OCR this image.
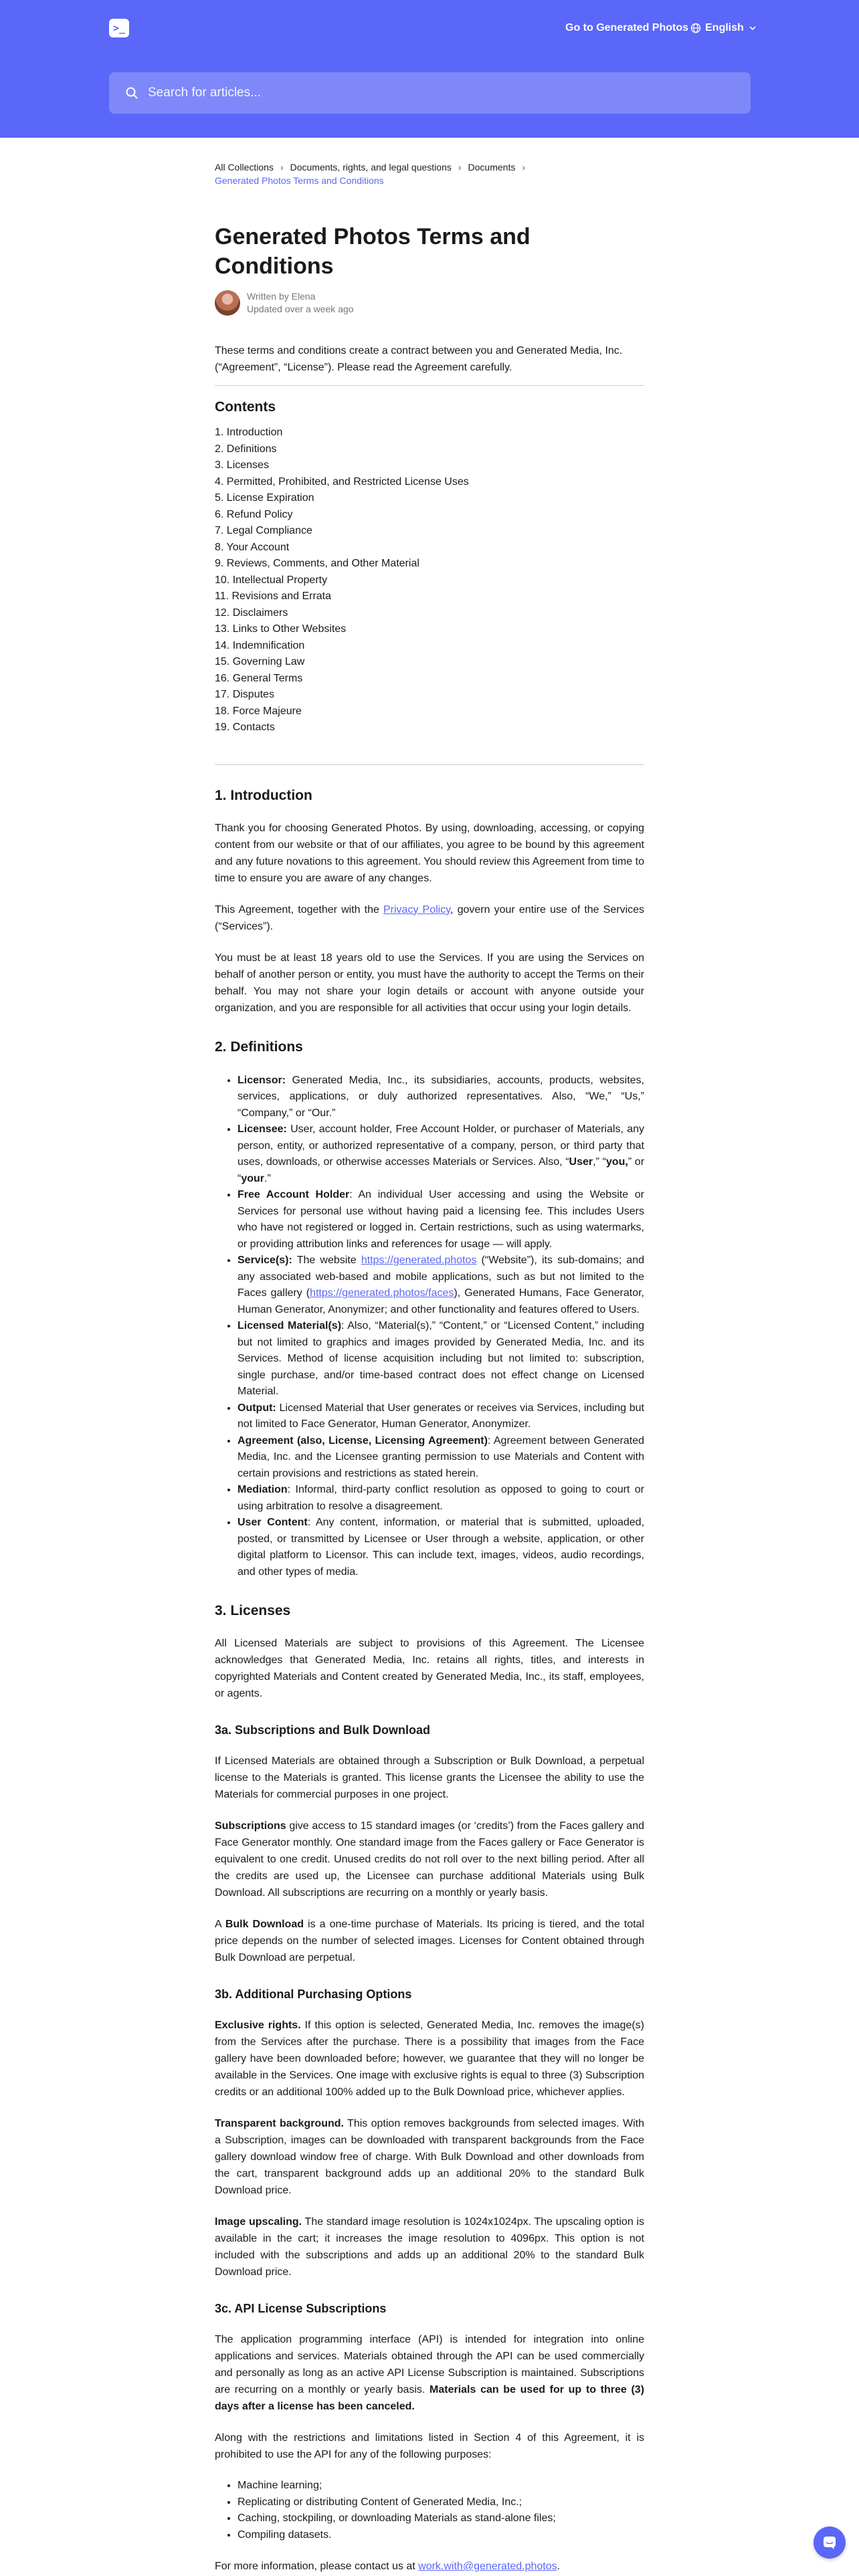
>_	Go to Generated Photos English
Search for articles...
All Collections › Documents, rights, and legal questions › Documents ›
Generated Photos Terms and Conditions
Generated Photos Terms and Conditions
Written by Elena
Updated over a week ago

These terms and conditions create a contract between you and Generated Media, Inc. (“Agreement”, “License”). Please read the Agreement carefully.

Contents
1. Introduction
2. Definitions
3. Licenses
4. Permitted, Prohibited, and Restricted License Uses
5. License Expiration
6. Refund Policy
7. Legal Compliance
8. Your Account
9. Reviews, Comments, and Other Material
10. Intellectual Property
11. Revisions and Errata
12. Disclaimers
13. Links to Other Websites
14. Indemnification
15. Governing Law
16. General Terms
17. Disputes
18. Force Majeure
19. Contacts
1. Introduction

Thank you for choosing Generated Photos. By using, downloading, accessing, or copying content from our website or that of our affiliates, you agree to be bound by this agreement and any future novations to this agreement. You should review this Agreement from time to time to ensure you are aware of any changes.

This Agreement, together with the Privacy Policy, govern your entire use of the Services (“Services”).

You must be at least 18 years old to use the Services. If you are using the Services on behalf of another person or entity, you must have the authority to accept the Terms on their behalf. You may not share your login details or account with anyone outside your organization, and you are responsible for all activities that occur using your login details.

2. Definitions
• Licensor: Generated Media, Inc., its subsidiaries, accounts, products, websites, services, applications, or duly authorized representatives. Also, “We,” “Us,” “Company,” or “Our.”
• Licensee: User, account holder, Free Account Holder, or purchaser of Materials, any person, entity, or authorized representative of a company, person, or third party that uses, downloads, or otherwise accesses Materials or Services. Also, “User,” “you,” or “your.”
• Free Account Holder: An individual User accessing and using the Website or Services for personal use without having paid a licensing fee. This includes Users who have not registered or logged in. Certain restrictions, such as using watermarks, or providing attribution links and references for usage — will apply.
• Service(s): The website https://generated.photos (“Website”), its sub-domains; and any associated web-based and mobile applications, such as but not limited to the Faces gallery (https://generated.photos/faces), Generated Humans, Face Generator, Human Generator, Anonymizer; and other functionality and features offered to Users.
• Licensed Material(s): Also, “Material(s),” “Content,” or “Licensed Content,” including but not limited to graphics and images provided by Generated Media, Inc. and its Services. Method of license acquisition including but not limited to: subscription, single purchase, and/or time-based contract does not effect change on Licensed Material.
• Output: Licensed Material that User generates or receives via Services, including but not limited to Face Generator, Human Generator, Anonymizer.
• Agreement (also, License, Licensing Agreement): Agreement between Generated Media, Inc. and the Licensee granting permission to use Materials and Content with certain provisions and restrictions as stated herein.
• Mediation: Informal, third-party conflict resolution as opposed to going to court or using arbitration to resolve a disagreement.
• User Content: Any content, information, or material that is submitted, uploaded, posted, or transmitted by Licensee or User through a website, application, or other digital platform to Licensor. This can include text, images, videos, audio recordings, and other types of media.
3. Licenses

All Licensed Materials are subject to provisions of this Agreement. The Licensee acknowledges that Generated Media, Inc. retains all rights, titles, and interests in copyrighted Materials and Content created by Generated Media, Inc., its staff, employees, or agents.

3a. Subscriptions and Bulk Download

If Licensed Materials are obtained through a Subscription or Bulk Download, a perpetual license to the Materials is granted. This license grants the Licensee the ability to use the Materials for commercial purposes in one project.

Subscriptions give access to 15 standard images (or ‘credits’) from the Faces gallery and Face Generator monthly. One standard image from the Faces gallery or Face Generator is equivalent to one credit. Unused credits do not roll over to the next billing period. After all the credits are used up, the Licensee can purchase additional Materials using Bulk Download. All subscriptions are recurring on a monthly or yearly basis.

A Bulk Download is a one-time purchase of Materials. Its pricing is tiered, and the total price depends on the number of selected images. Licenses for Content obtained through Bulk Download are perpetual.

3b. Additional Purchasing Options

Exclusive rights. If this option is selected, Generated Media, Inc. removes the image(s) from the Services after the purchase. There is a possibility that images from the Face gallery have been downloaded before; however, we guarantee that they will no longer be available in the Services. One image with exclusive rights is equal to three (3) Subscription credits or an additional 100% added up to the Bulk Download price, whichever applies.

Transparent background. This option removes backgrounds from selected images. With a Subscription, images can be downloaded with transparent backgrounds from the Face gallery download window free of charge. With Bulk Download and other downloads from the cart, transparent background adds up an additional 20% to the standard Bulk Download price.

Image upscaling. The standard image resolution is 1024x1024px. The upscaling option is available in the cart; it increases the image resolution to 4096px. This option is not included with the subscriptions and adds up an additional 20% to the standard Bulk Download price.

3c. API License Subscriptions

The application programming interface (API) is intended for integration into online applications and services. Materials obtained through the API can be used commercially and personally as long as an active API License Subscription is maintained. Subscriptions are recurring on a monthly or yearly basis. Materials can be used for up to three (3) days after a license has been canceled.

Along with the restrictions and limitations listed in Section 4 of this Agreement, it is prohibited to use the API for any of the following purposes:

• Machine learning;
• Replicating or distributing Content of Generated Media, Inc.;
• Caching, stockpiling, or downloading Materials as stand-alone files;
• Compiling datasets.

For more information, please contact us at work.with@generated.photos.
